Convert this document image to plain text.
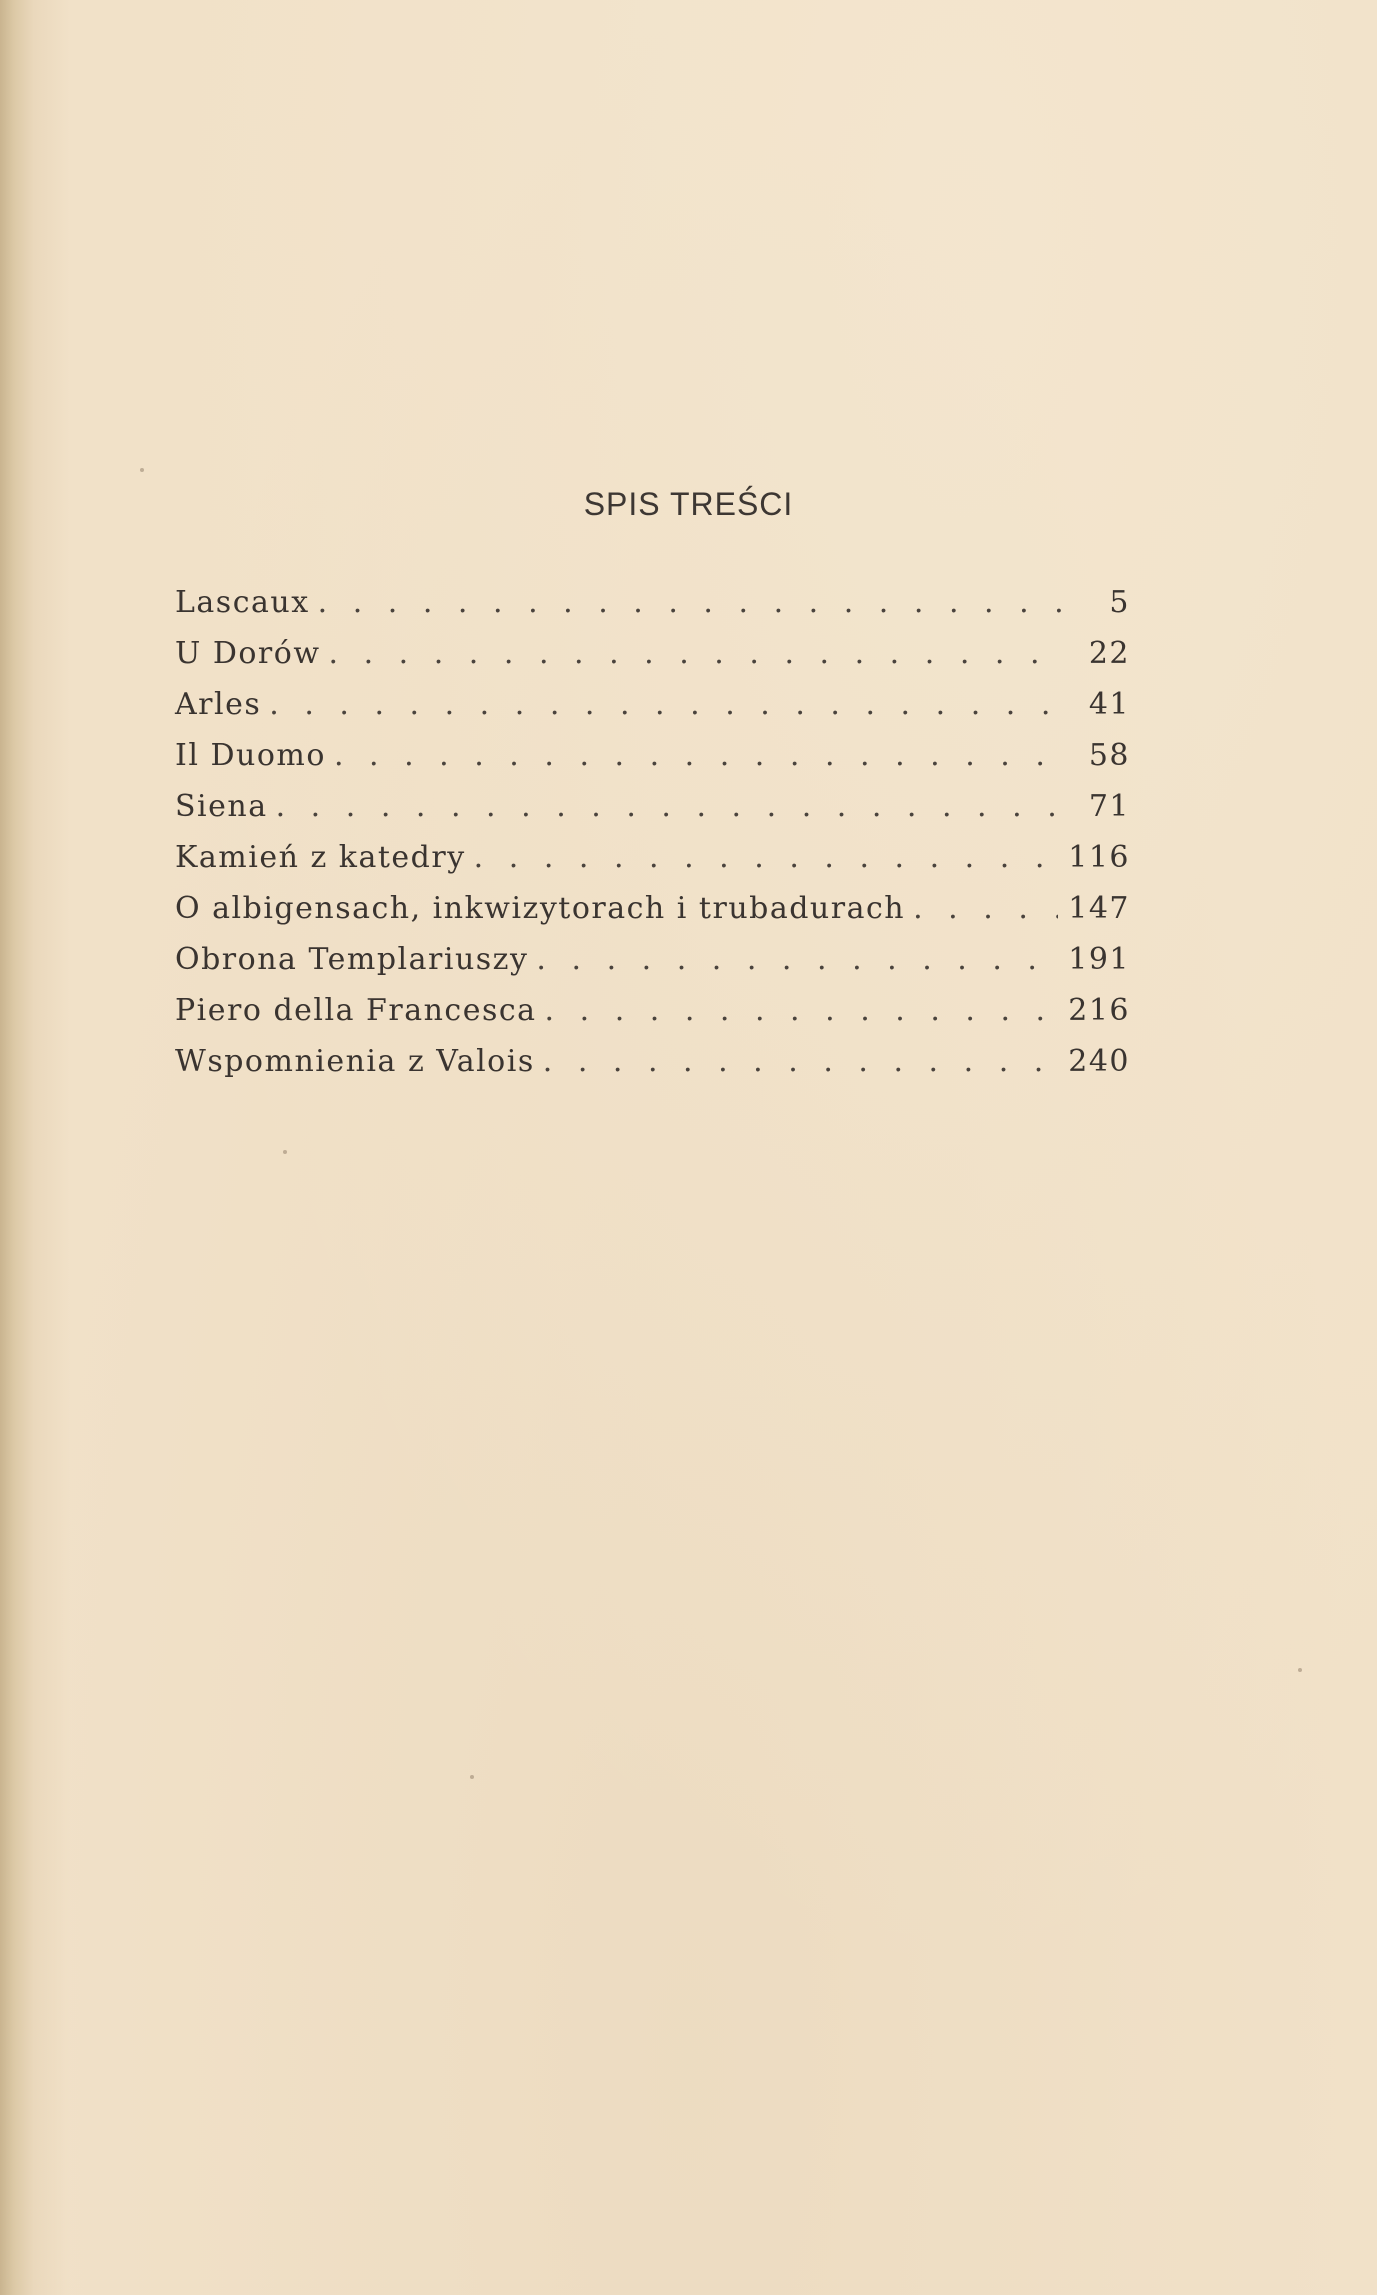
SPIS TREŚCI
Lascaux . . .	5
U Dorów . . .	22
Arles . . .	41
Il Duomo . . .	58
Siena . . .	71
Kamień z katedry . . .	116
O albigensach, inkwizytorach i trubadurach . . .	147
Obrona Templariuszy . . .	191
Piero della Francesca . . .	216
Wspomnienia z Valois . . .	240
